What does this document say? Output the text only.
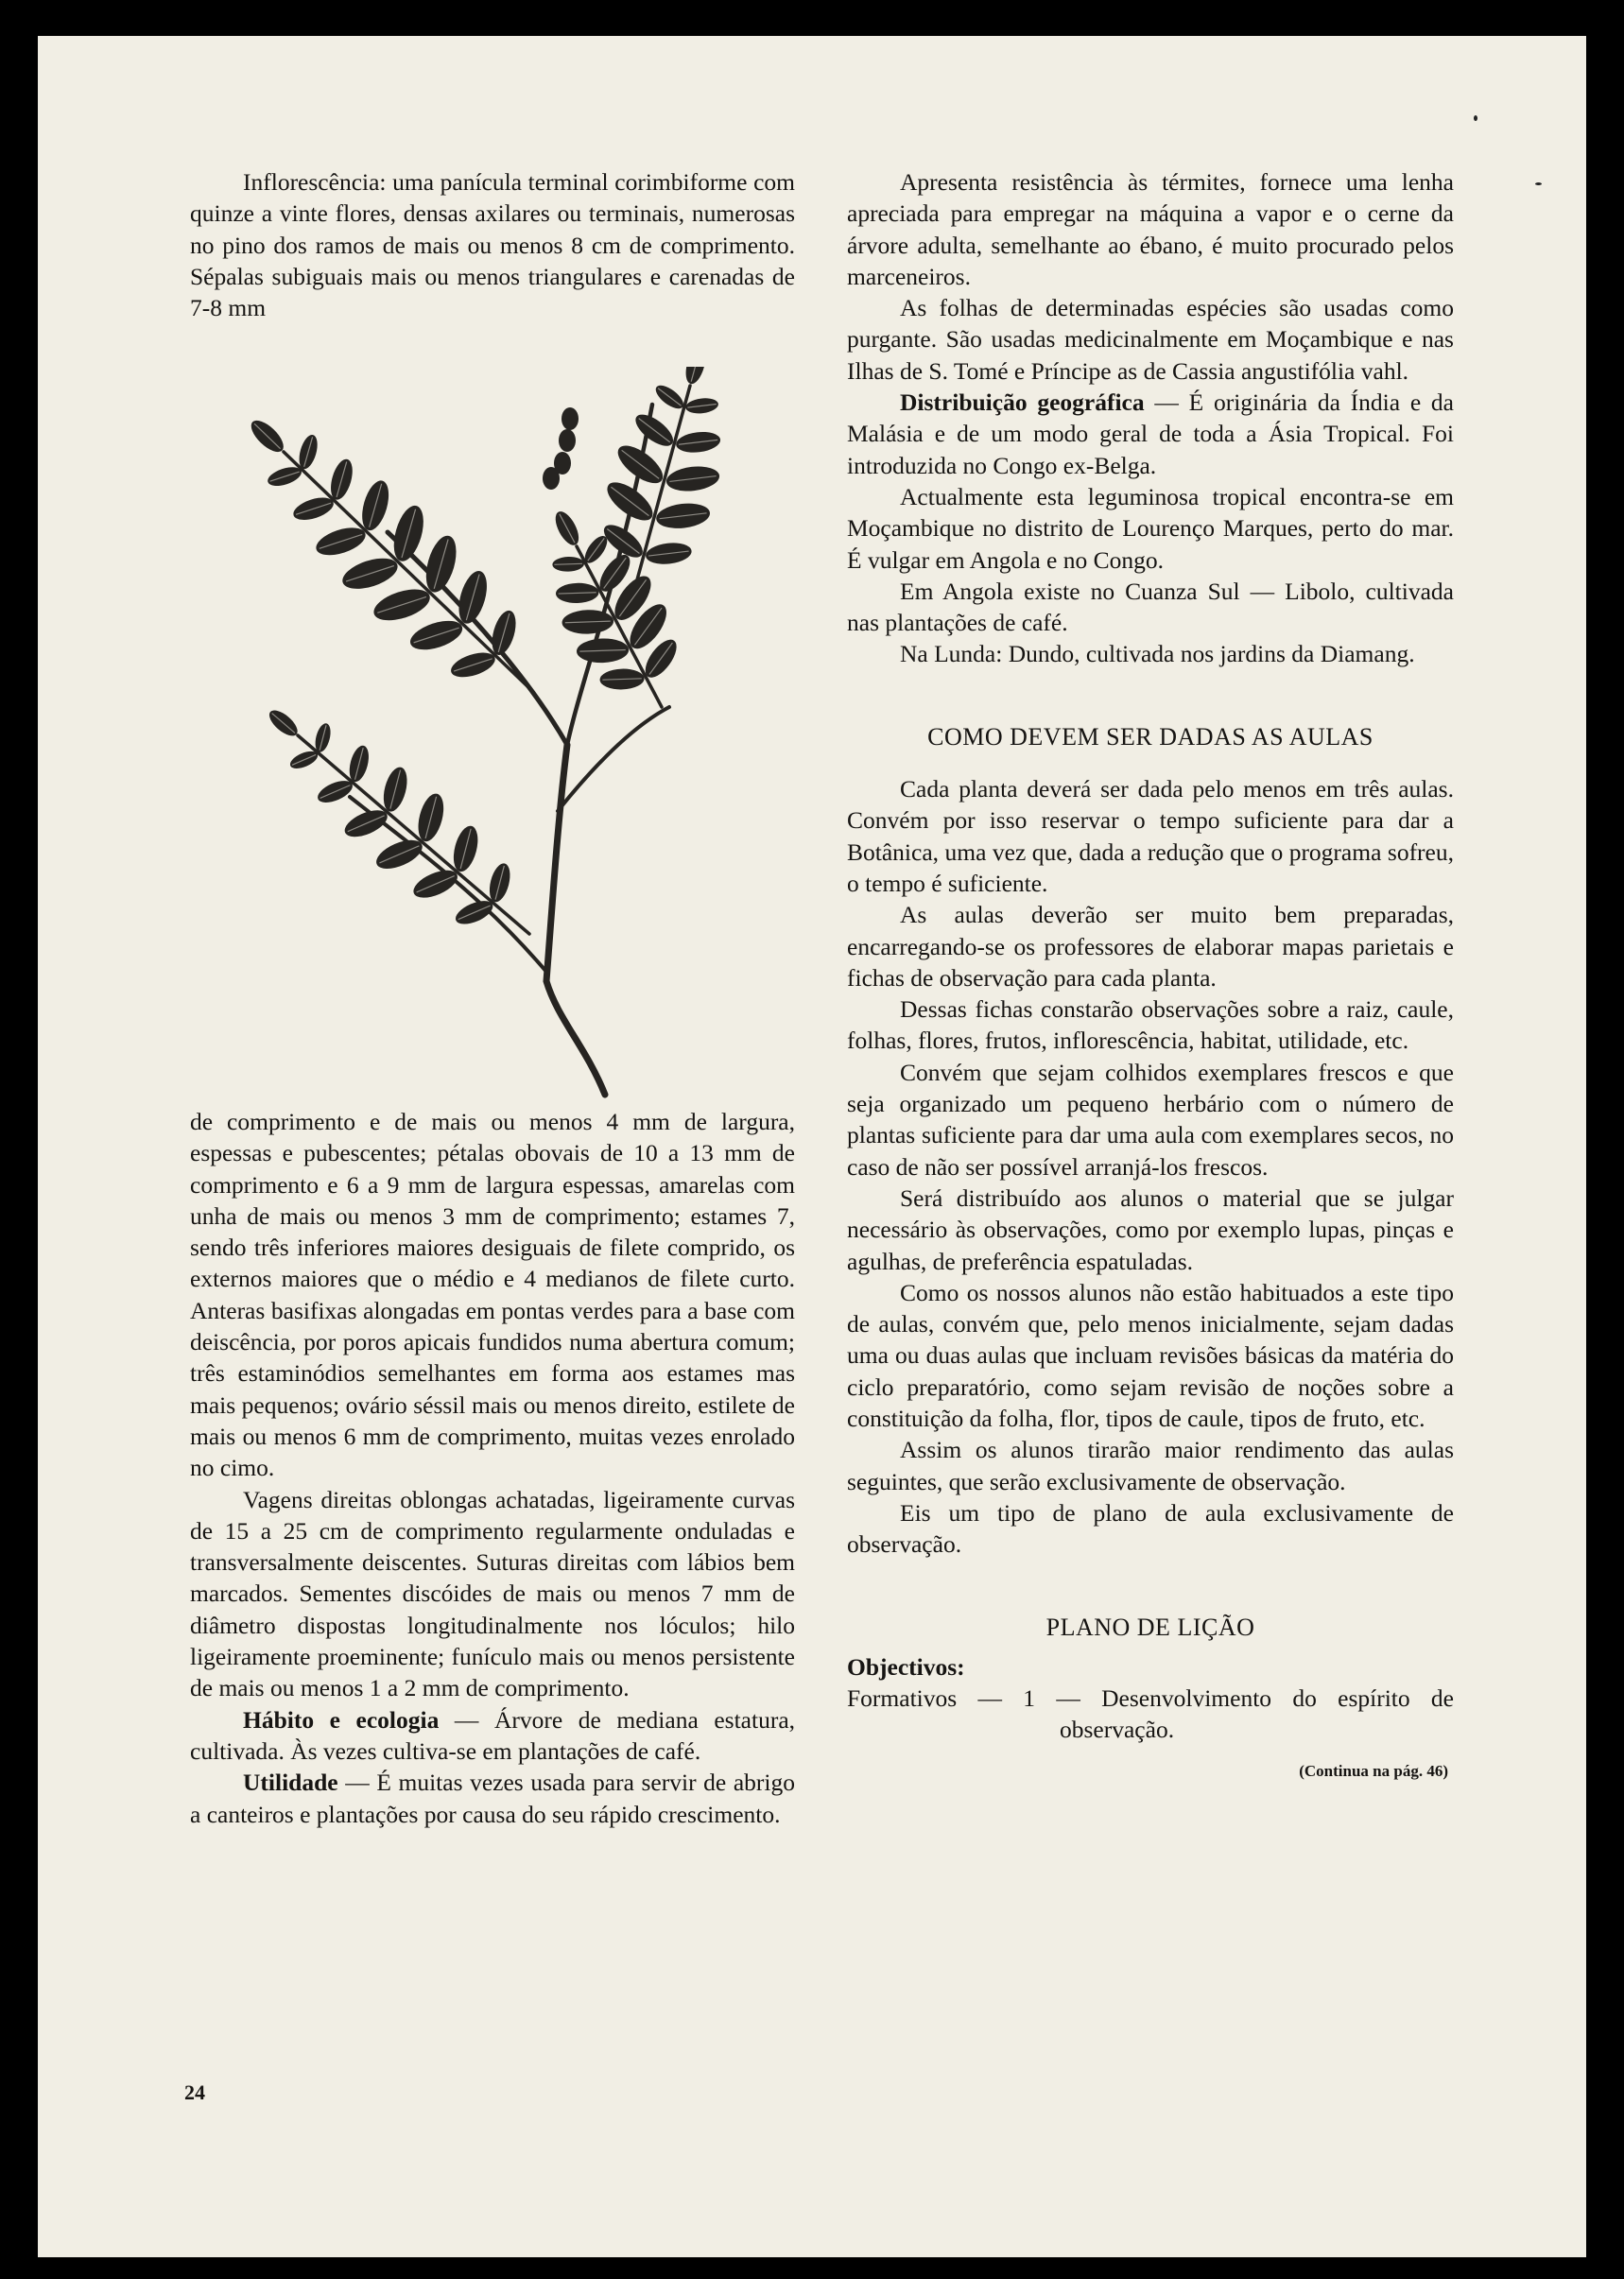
Inflorescência: uma panícula terminal corimbiforme com quinze a vinte flores, densas axilares ou terminais, numerosas no pino dos ramos de mais ou menos 8 cm de comprimento. Sépalas subiguais mais ou menos triangulares e carenadas de 7-8 mm

de comprimento e de mais ou menos 4 mm de largura, espessas e pubescentes; pétalas obovais de 10 a 13 mm de comprimento e 6 a 9 mm de largura espessas, amarelas com unha de mais ou menos 3 mm de comprimento; estames 7, sendo três inferiores maiores desiguais de filete comprido, os externos maiores que o médio e 4 medianos de filete curto. Anteras basifixas alongadas em pontas verdes para a base com deiscência, por poros apicais fundidos numa abertura comum; três estaminódios semelhantes em forma aos estames mas mais pequenos; ovário séssil mais ou menos direito, estilete de mais ou menos 6 mm de comprimento, muitas vezes enrolado no cimo.

Vagens direitas oblongas achatadas, ligeiramente curvas de 15 a 25 cm de comprimento regularmente onduladas e transversalmente deiscentes. Suturas direitas com lábios bem marcados. Sementes discóides de mais ou menos 7 mm de diâmetro dispostas longitudinalmente nos lóculos; hilo ligeiramente proeminente; funículo mais ou menos persistente de mais ou menos 1 a 2 mm de comprimento.

Hábito e ecologia — Árvore de mediana estatura, cultivada. Às vezes cultiva-se em plantações de café.

Utilidade — É muitas vezes usada para servir de abrigo a canteiros e plantações por causa do seu rápido crescimento.

Apresenta resistência às térmites, fornece uma lenha apreciada para empregar na máquina a vapor e o cerne da árvore adulta, semelhante ao ébano, é muito procurado pelos marceneiros.

As folhas de determinadas espécies são usadas como purgante. São usadas medicinalmente em Moçambique e nas Ilhas de S. Tomé e Príncipe as de Cassia angustifólia vahl.

Distribuição geográfica — É originária da Índia e da Malásia e de um modo geral de toda a Ásia Tropical. Foi introduzida no Congo ex-Belga.

Actualmente esta leguminosa tropical encontra-se em Moçambique no distrito de Lourenço Marques, perto do mar. É vulgar em Angola e no Congo.

Em Angola existe no Cuanza Sul — Libolo, cultivada nas plantações de café.

Na Lunda: Dundo, cultivada nos jardins da Diamang.

COMO DEVEM SER DADAS AS AULAS

Cada planta deverá ser dada pelo menos em três aulas. Convém por isso reservar o tempo suficiente para dar a Botânica, uma vez que, dada a redução que o programa sofreu, o tempo é suficiente.

As aulas deverão ser muito bem preparadas, encarregando-se os professores de elaborar mapas parietais e fichas de observação para cada planta.

Dessas fichas constarão observações sobre a raiz, caule, folhas, flores, frutos, inflorescência, habitat, utilidade, etc.

Convém que sejam colhidos exemplares frescos e que seja organizado um pequeno herbário com o número de plantas suficiente para dar uma aula com exemplares secos, no caso de não ser possível arranjá-los frescos.

Será distribuído aos alunos o material que se julgar necessário às observações, como por exemplo lupas, pinças e agulhas, de preferência espatuladas.

Como os nossos alunos não estão habituados a este tipo de aulas, convém que, pelo menos inicialmente, sejam dadas uma ou duas aulas que incluam revisões básicas da matéria do ciclo preparatório, como sejam revisão de noções sobre a constituição da folha, flor, tipos de caule, tipos de fruto, etc.

Assim os alunos tirarão maior rendimento das aulas seguintes, que serão exclusivamente de observação.

Eis um tipo de plano de aula exclusivamente de observação.

PLANO DE LIÇÃO

Objectivos:

Formativos — 1 — Desenvolvimento do espírito de observação.

(Continua na pág. 46)

24
